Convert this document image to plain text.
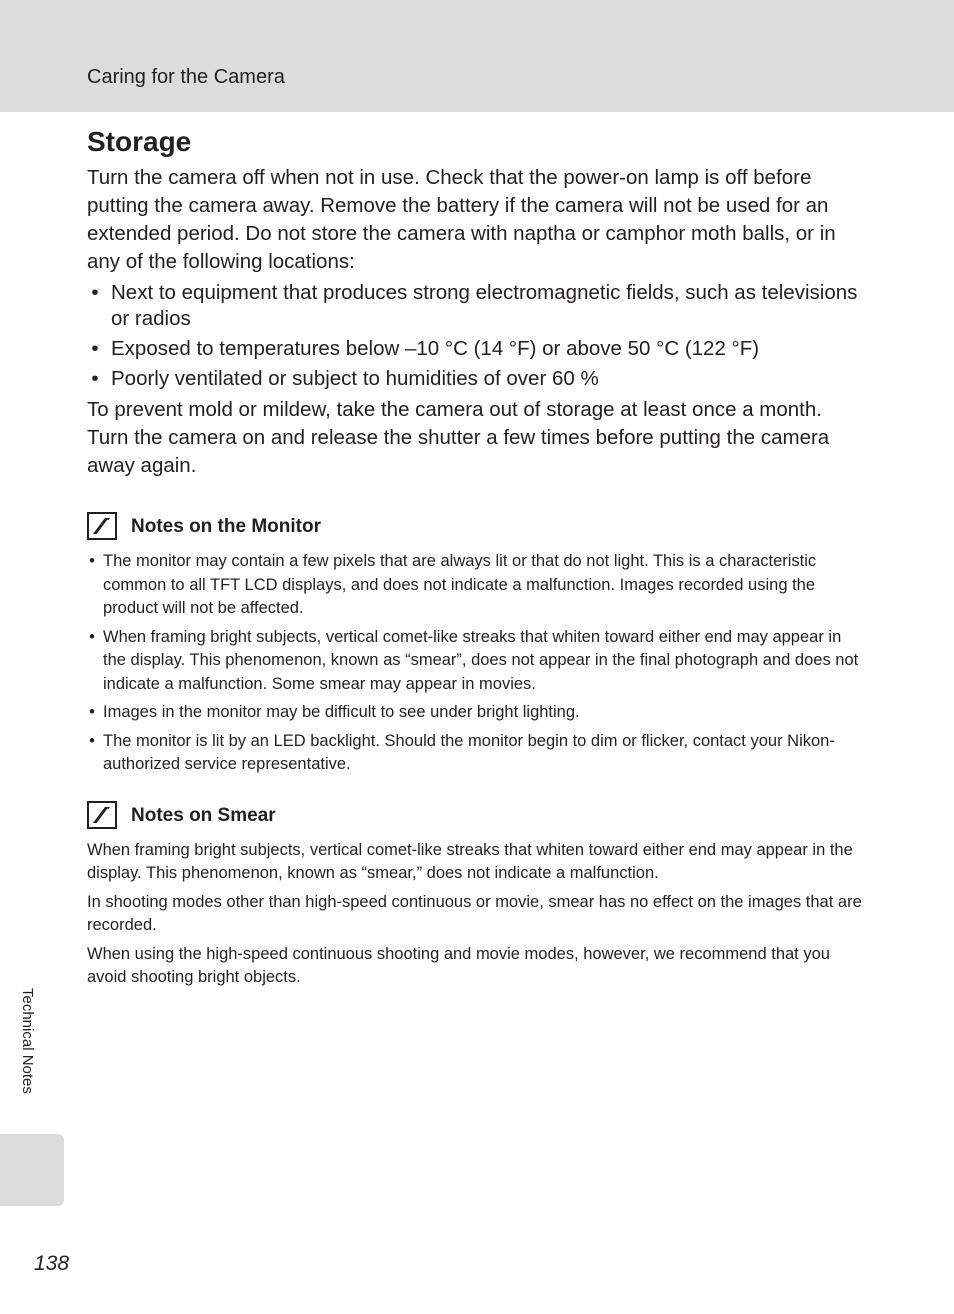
Caring for the Camera
Storage

Turn the camera off when not in use. Check that the power-on lamp is off before putting the camera away. Remove the battery if the camera will not be used for an extended period. Do not store the camera with naptha or camphor moth balls, or in any of the following locations:

• Next to equipment that produces strong electromagnetic fields, such as televisions or radios
• Exposed to temperatures below –10 °C (14 °F) or above 50 °C (122 °F)
• Poorly ventilated or subject to humidities of over 60 %

To prevent mold or mildew, take the camera out of storage at least once a month. Turn the camera on and release the shutter a few times before putting the camera away again.

Notes on the Monitor
• The monitor may contain a few pixels that are always lit or that do not light. This is a characteristic common to all TFT LCD displays, and does not indicate a malfunction. Images recorded using the product will not be affected.
• When framing bright subjects, vertical comet-like streaks that whiten toward either end may appear in the display. This phenomenon, known as “smear”, does not appear in the final photograph and does not indicate a malfunction. Some smear may appear in movies.
• Images in the monitor may be difficult to see under bright lighting.
• The monitor is lit by an LED backlight. Should the monitor begin to dim or flicker, contact your Nikon-authorized service representative.
Notes on Smear

When framing bright subjects, vertical comet-like streaks that whiten toward either end may appear in the display. This phenomenon, known as “smear,” does not indicate a malfunction.

In shooting modes other than high-speed continuous or movie, smear has no effect on the images that are recorded.

When using the high-speed continuous shooting and movie modes, however, we recommend that you avoid shooting bright objects.

Technical Notes
138
